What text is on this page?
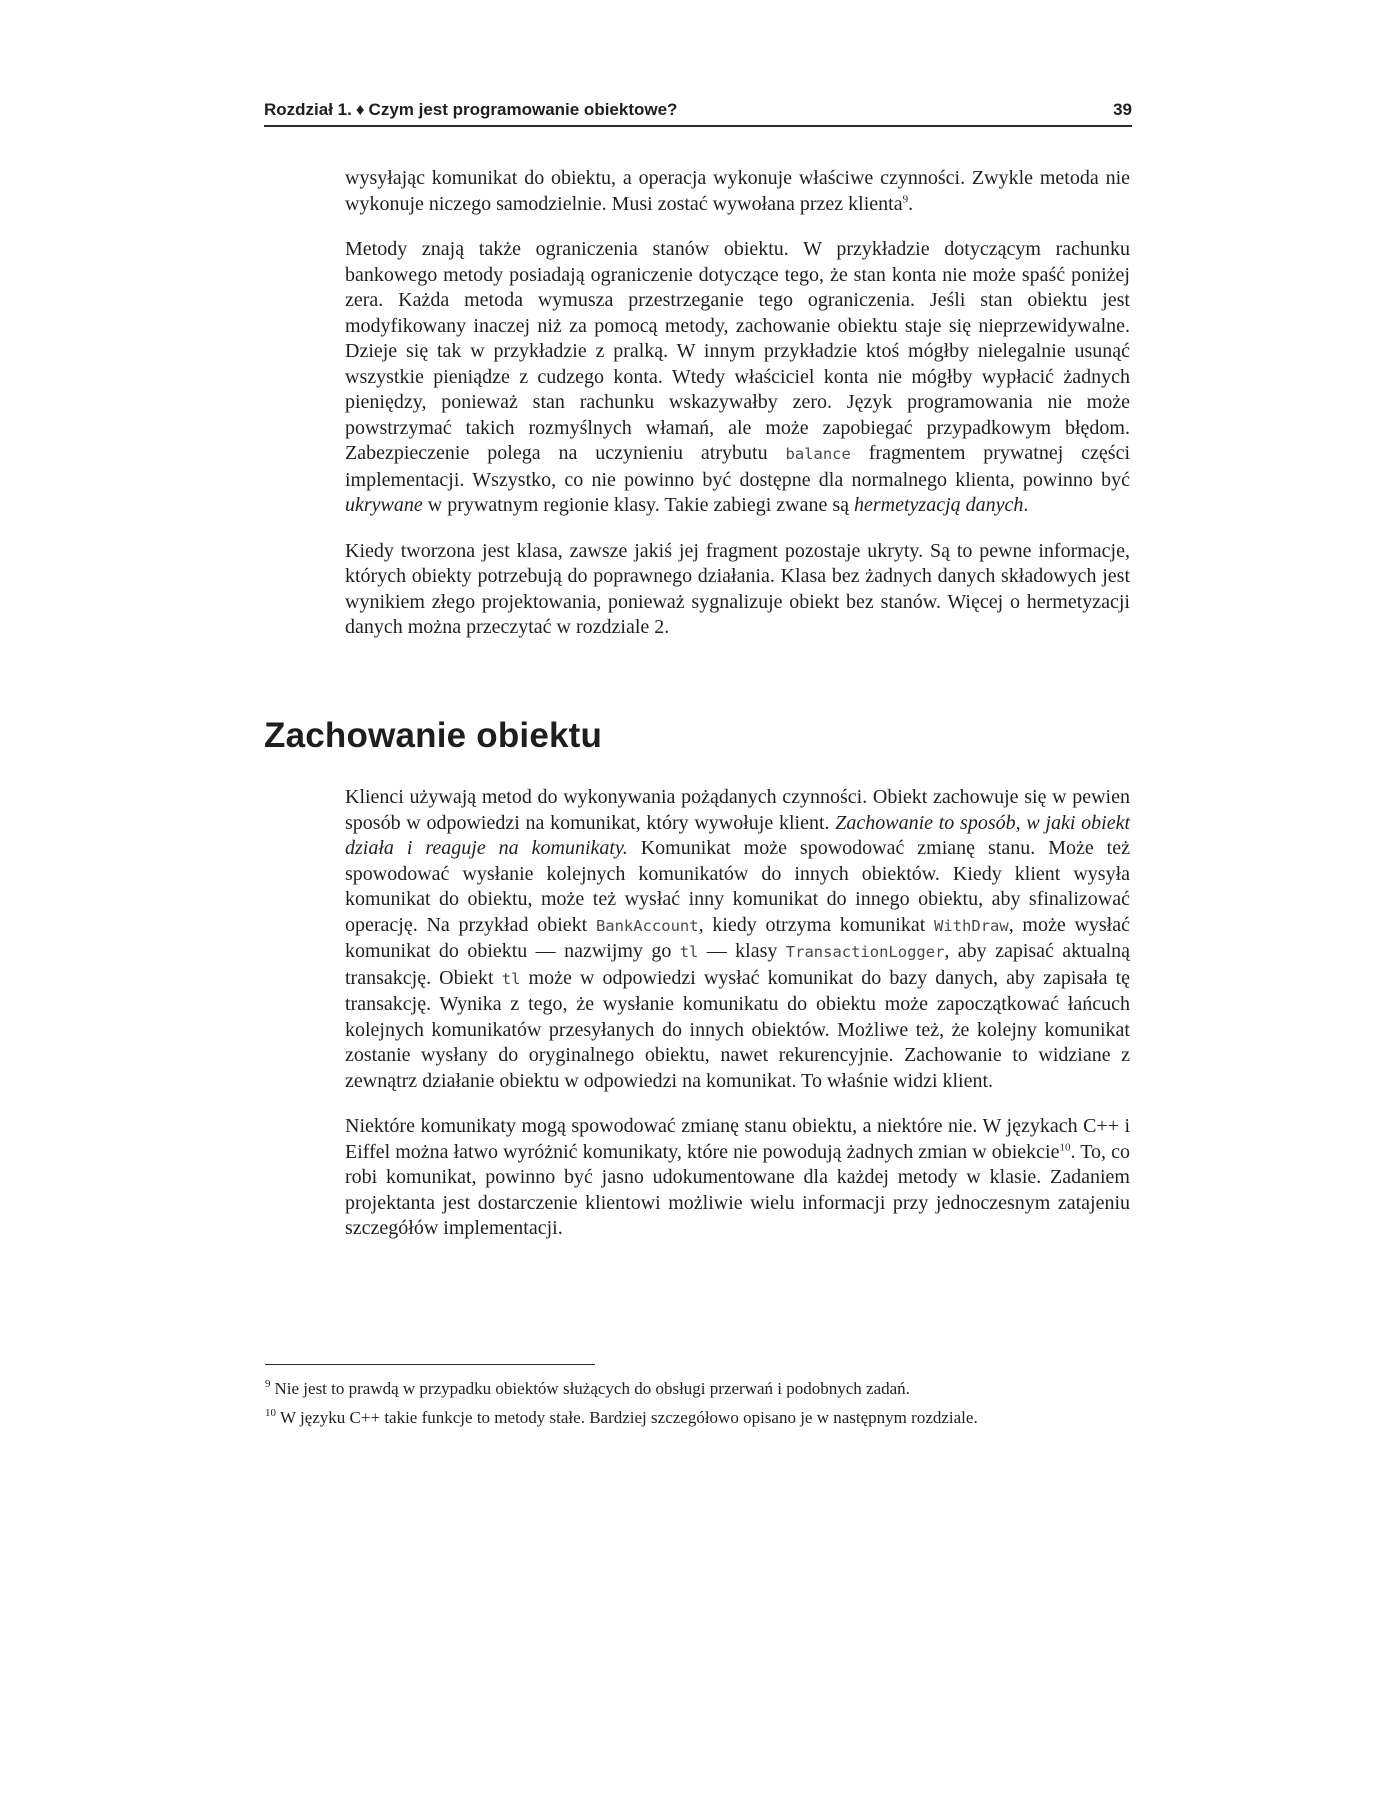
Rozdział 1. ♦ Czym jest programowanie obiektowe?	39

wysyłając komunikat do obiektu, a operacja wykonuje właściwe czynności. Zwykle metoda nie wykonuje niczego samodzielnie. Musi zostać wywołana przez klienta$^9$.

Metody znają także ograniczenia stanów obiektu. W przykładzie dotyczącym rachunku bankowego metody posiadają ograniczenie dotyczące tego, że stan konta nie może spaść poniżej zera. Każda metoda wymusza przestrzeganie tego ograniczenia. Jeśli stan obiektu jest modyfikowany inaczej niż za pomocą metody, zachowanie obiektu staje się nieprzewidywalne. Dzieje się tak w przykładzie z pralką. W innym przykładzie ktoś mógłby nielegalnie usunąć wszystkie pieniądze z cudzego konta. Wtedy właściciel konta nie mógłby wypłacić żadnych pieniędzy, ponieważ stan rachunku wskazywałby zero. Język programowania nie może powstrzymać takich rozmyślnych włamań, ale może zapobiegać przypadkowym błędom. Zabezpieczenie polega na uczynieniu atrybutu balance fragmentem prywatnej części implementacji. Wszystko, co nie powinno być dostępne dla normalnego klienta, powinno być ukrywane w prywatnym regionie klasy. Takie zabiegi zwane są hermetyzacją danych.

Kiedy tworzona jest klasa, zawsze jakiś jej fragment pozostaje ukryty. Są to pewne informacje, których obiekty potrzebują do poprawnego działania. Klasa bez żadnych danych składowych jest wynikiem złego projektowania, ponieważ sygnalizuje obiekt bez stanów. Więcej o hermetyzacji danych można przeczytać w rozdziale 2.

Zachowanie obiektu

Klienci używają metod do wykonywania pożądanych czynności. Obiekt zachowuje się w pewien sposób w odpowiedzi na komunikat, który wywołuje klient. Zachowanie to sposób, w jaki obiekt działa i reaguje na komunikaty. Komunikat może spowodować zmianę stanu. Może też spowodować wysłanie kolejnych komunikatów do innych obiektów. Kiedy klient wysyła komunikat do obiektu, może też wysłać inny komunikat do innego obiektu, aby sfinalizować operację. Na przykład obiekt BankAccount, kiedy otrzyma komunikat WithDraw, może wysłać komunikat do obiektu — nazwijmy go tl — klasy TransactionLogger, aby zapisać aktualną transakcję. Obiekt tl może w odpowiedzi wysłać komunikat do bazy danych, aby zapisała tę transakcję. Wynika z tego, że wysłanie komunikatu do obiektu może zapoczątkować łańcuch kolejnych komunikatów przesyłanych do innych obiektów. Możliwe też, że kolejny komunikat zostanie wysłany do oryginalnego obiektu, nawet rekurencyjnie. Zachowanie to widziane z zewnątrz działanie obiektu w odpowiedzi na komunikat. To właśnie widzi klient.

Niektóre komunikaty mogą spowodować zmianę stanu obiektu, a niektóre nie. W językach C++ i Eiffel można łatwo wyróżnić komunikaty, które nie powodują żadnych zmian w obiekcie$^{10}$. To, co robi komunikat, powinno być jasno udokumentowane dla każdej metody w klasie. Zadaniem projektanta jest dostarczenie klientowi możliwie wielu informacji przy jednoczesnym zatajeniu szczegółów implementacji.

$^9$ Nie jest to prawdą w przypadku obiektów służących do obsługi przerwań i podobnych zadań.
$^{10}$ W języku C++ takie funkcje to metody stałe. Bardziej szczegółowo opisano je w następnym rozdziale.
